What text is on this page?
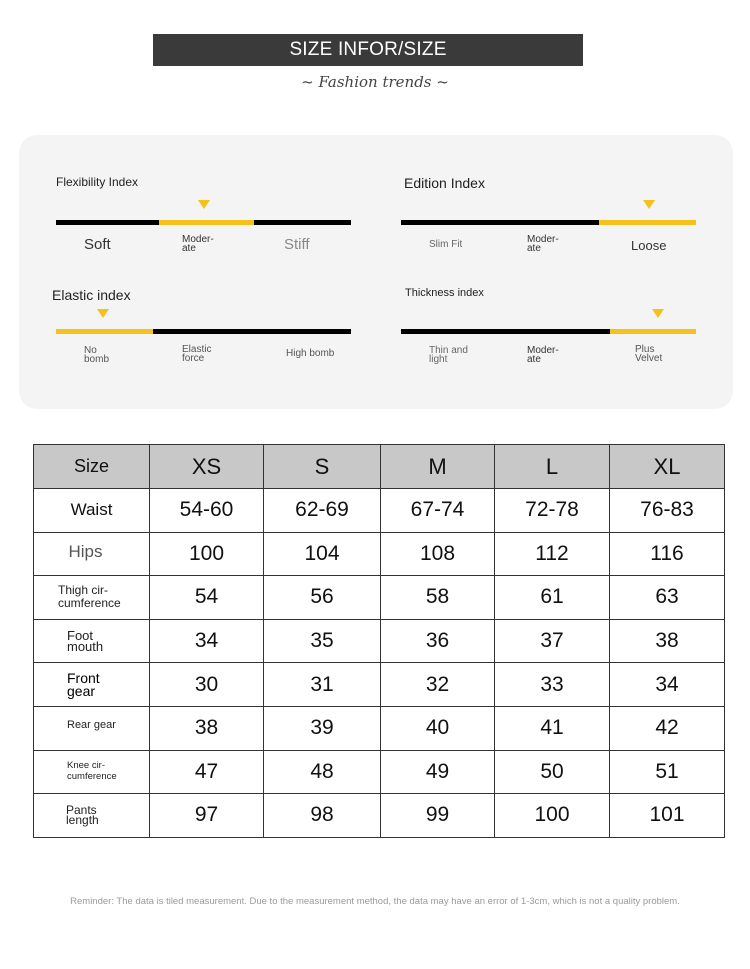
SIZE INFOR/SIZE
~ Fashion trends ~
Flexibility Index
Soft	Moder-
ate	Stiff
Edition Index
Slim Fit	Moder-
ate	Loose
Elastic index
No
bomb
Elastic
force	High bomb
Thickness index
Thin and
light
Moder-
ate
Plus
Velvet
Size	XS	S	M	L	XL
Waist	54-60	62-69	67-74	72-78	76-83
Hips	100	104	108	112	116

Thigh cir-
cumference	54	56	58	61	63

Foot
mouth	34	35	36	37	38

Front
gear	30	31	32	33	34

Rear gear	38	39	40	41	42

Knee cir-
cumference	47	48	49	50	51

Pants
length	97	98	99	100	101
Reminder: The data is tiled measurement. Due to the measurement method, the data may have an error of 1-3cm, which is not a quality problem.
